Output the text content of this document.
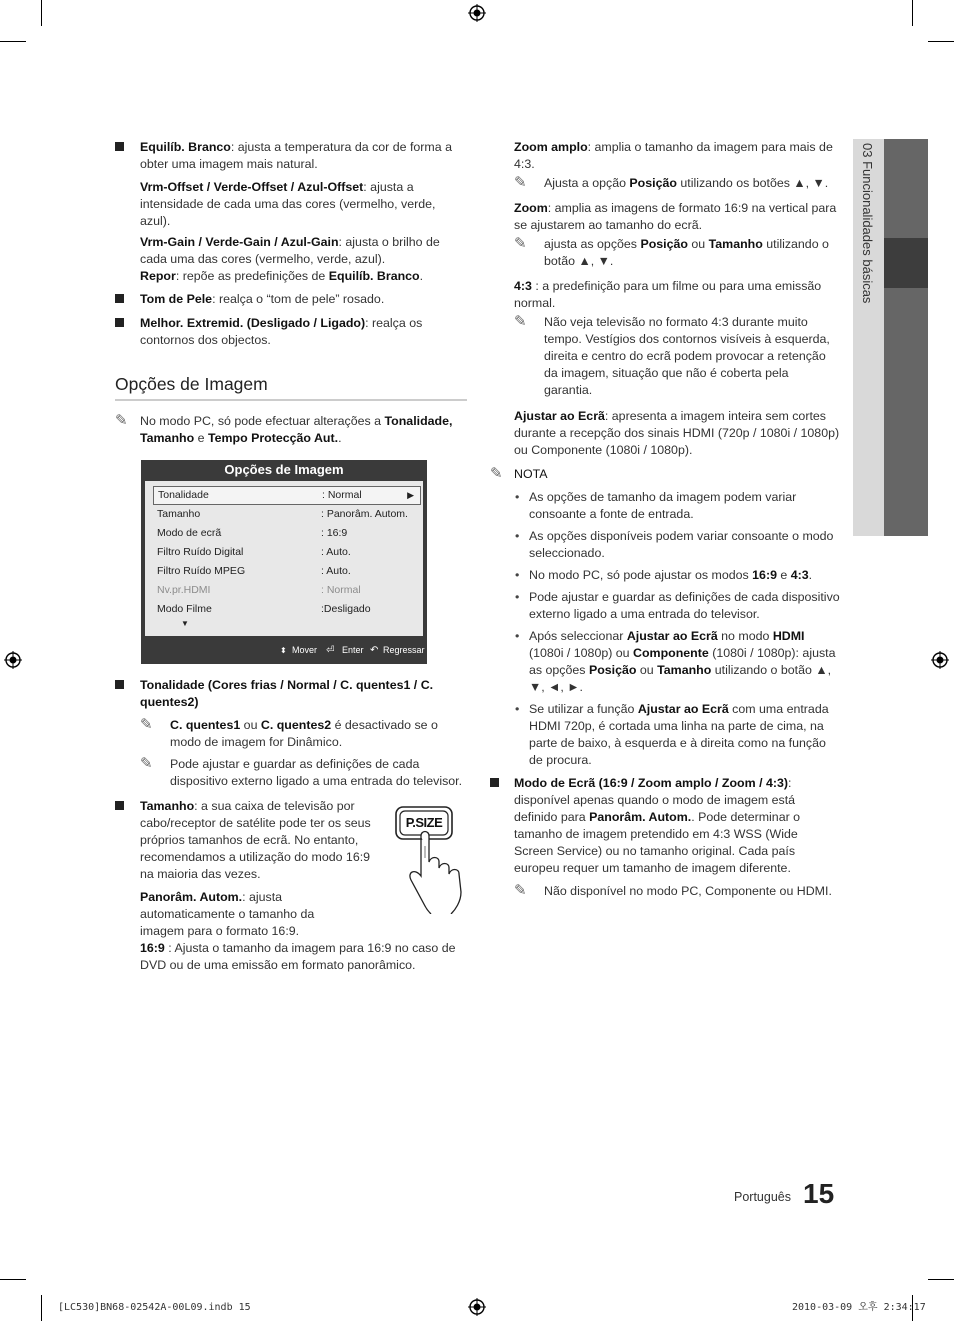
03 Funcionalidades básicas
Equilíb. Branco: ajusta a temperatura da cor de forma a obter uma imagem mais natural.

Vrm-Offset / Verde-Offset / Azul-Offset: ajusta a intensidade de cada uma das cores (vermelho, verde, azul).

Vrm-Gain / Verde-Gain / Azul-Gain: ajusta o brilho de cada uma das cores (vermelho, verde, azul).

Repor: repõe as predefinições de Equilíb. Branco.

Tom de Pele: realça o “tom de pele” rosado.
Melhor. Extremid. (Desligado / Ligado): realça os contornos dos objectos.
Opções de Imagem
✎ No modo PC, só pode efectuar alterações a Tonalidade, Tamanho e Tempo Protecção Aut..
Opções de Imagem
Tonalidade	: Normal	▶
Tamanho	: Panorâm. Autom.
Modo de ecrã	: 16:9
Filtro Ruído Digital	: Auto.
Filtro Ruído MPEG	: Auto.
Nv.pr.HDMI	: Normal
Modo Filme	:Desligado
▼
⬍ Mover ⏎ Enter ↶ Regressar
Tonalidade (Cores frias / Normal / C. quentes1 / C. quentes2)
✎ C. quentes1 ou C. quentes2 é desactivado se o modo de imagem for Dinâmico.
✎ Pode ajustar e guardar as definições de cada dispositivo externo ligado a uma entrada do televisor.
Tamanho: a sua caixa de televisão por cabo/receptor de satélite pode ter os seus próprios tamanhos de ecrã. No entanto, recomendamos a utilização do modo 16:9 na maioria das vezes.

Panorâm. Autom.: ajusta automaticamente o tamanho da imagem para o formato 16:9.

16:9 : Ajusta o tamanho da imagem para 16:9 no caso de DVD ou de uma emissão em formato panorâmico.

P.SIZE

Zoom amplo: amplia o tamanho da imagem para mais de 4:3.

✎ Ajusta a opção Posição utilizando os botões ▲, ▼.

Zoom: amplia as imagens de formato 16:9 na vertical para se ajustarem ao tamanho do ecrã.

✎ ajusta as opções Posição ou Tamanho utilizando o botão ▲, ▼.

4:3 : a predefinição para um filme ou para uma emissão normal.

✎ Não veja televisão no formato 4:3 durante muito tempo. Vestígios dos contornos visíveis à esquerda, direita e centro do ecrã podem provocar a retenção da imagem, situação que não é coberta pela garantia.

Ajustar ao Ecrã: apresenta a imagem inteira sem cortes durante a recepção dos sinais HDMI (720p / 1080i / 1080p) ou Componente (1080i / 1080p).

✎ NOTA
• As opções de tamanho da imagem podem variar consoante a fonte de entrada.
• As opções disponíveis podem variar consoante o modo seleccionado.
• No modo PC, só pode ajustar os modos 16:9 e 4:3.
• Pode ajustar e guardar as definições de cada dispositivo externo ligado a uma entrada do televisor.
• Após seleccionar Ajustar ao Ecrã no modo HDMI (1080i / 1080p) ou Componente (1080i / 1080p): ajusta as opções Posição ou Tamanho utilizando o botão ▲, ▼, ◄, ►.
• Se utilizar a função Ajustar ao Ecrã com uma entrada HDMI 720p, é cortada uma linha na parte de cima, na parte de baixo, à esquerda e à direita como na função de procura.
Modo de Ecrã (16:9 / Zoom amplo / Zoom / 4:3): disponível apenas quando o modo de imagem está definido para Panorâm. Autom.. Pode determinar o tamanho de imagem pretendido em 4:3 WSS (Wide Screen Service) ou no tamanho original. Cada país europeu requer um tamanho de imagem diferente.
✎ Não disponível no modo PC, Componente ou HDMI.
Português 15
[LC530]BN68-02542A-00L09.indb 15	2010-03-09 오후 2:34:17
